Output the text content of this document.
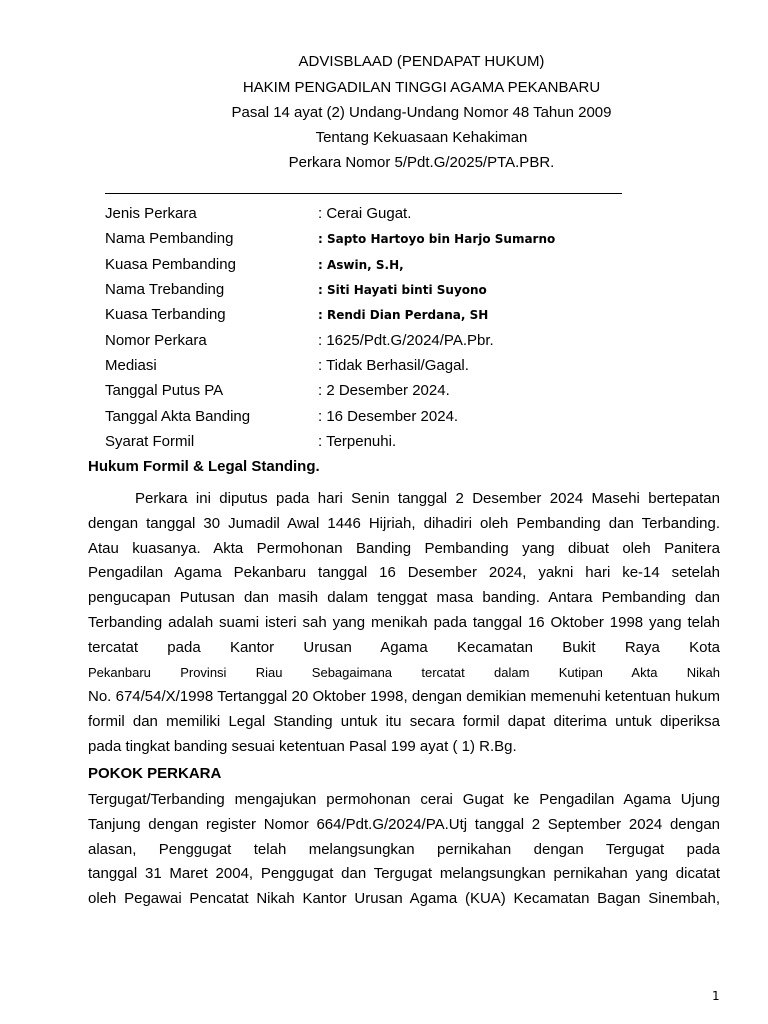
ADVISBLAAD (PENDAPAT HUKUM)
HAKIM PENGADILAN TINGGI AGAMA PEKANBARU
Pasal 14 ayat (2) Undang-Undang Nomor 48 Tahun 2009
Tentang Kekuasaan Kehakiman
Perkara Nomor 5/Pdt.G/2025/PTA.PBR.
Jenis Perkara	: Cerai Gugat.
Nama Pembanding	: Sapto Hartoyo bin Harjo Sumarno
Kuasa Pembanding	: Aswin, S.H,
Nama Trebanding	: Siti Hayati binti Suyono
Kuasa Terbanding	: Rendi Dian Perdana, SH
Nomor Perkara	: 1625/Pdt.G/2024/PA.Pbr.
Mediasi	: Tidak Berhasil/Gagal.
Tanggal Putus PA	: 2 Desember 2024.
Tanggal Akta Banding	: 16 Desember 2024.
Syarat Formil	: Terpenuhi.
Hukum Formil & Legal Standing.
Perkara ini diputus pada hari Senin tanggal 2 Desember 2024 Masehi bertepatan
dengan tanggal 30 Jumadil Awal 1446 Hijriah, dihadiri oleh Pembanding dan Terbanding.
Atau kuasanya. Akta Permohonan Banding Pembanding yang dibuat oleh Panitera
Pengadilan Agama Pekanbaru tanggal 16 Desember 2024, yakni hari ke-14 setelah
pengucapan Putusan dan masih dalam tenggat masa banding. Antara Pembanding dan
Terbanding adalah suami isteri sah yang menikah pada tanggal 16 Oktober 1998 yang telah
tercatat pada Kantor Urusan Agama Kecamatan Bukit Raya Kota
Pekanbaru Provinsi Riau Sebagaimana tercatat dalam Kutipan Akta Nikah
No. 674/54/X/1998 Tertanggal 20 Oktober 1998, dengan demikian memenuhi ketentuan hukum
formil dan memiliki Legal Standing untuk itu secara formil dapat diterima untuk diperiksa
pada tingkat banding sesuai ketentuan Pasal 199 ayat ( 1) R.Bg.
POKOK PERKARA
Tergugat/Terbanding mengajukan permohonan cerai Gugat ke Pengadilan Agama Ujung
Tanjung dengan register Nomor 664/Pdt.G/2024/PA.Utj tanggal 2 September 2024 dengan
alasan, Penggugat telah melangsungkan pernikahan dengan Tergugat pada
tanggal 31 Maret 2004, Penggugat dan Tergugat melangsungkan pernikahan yang dicatat
oleh Pegawai Pencatat Nikah Kantor Urusan Agama (KUA) Kecamatan Bagan Sinembah,
1
